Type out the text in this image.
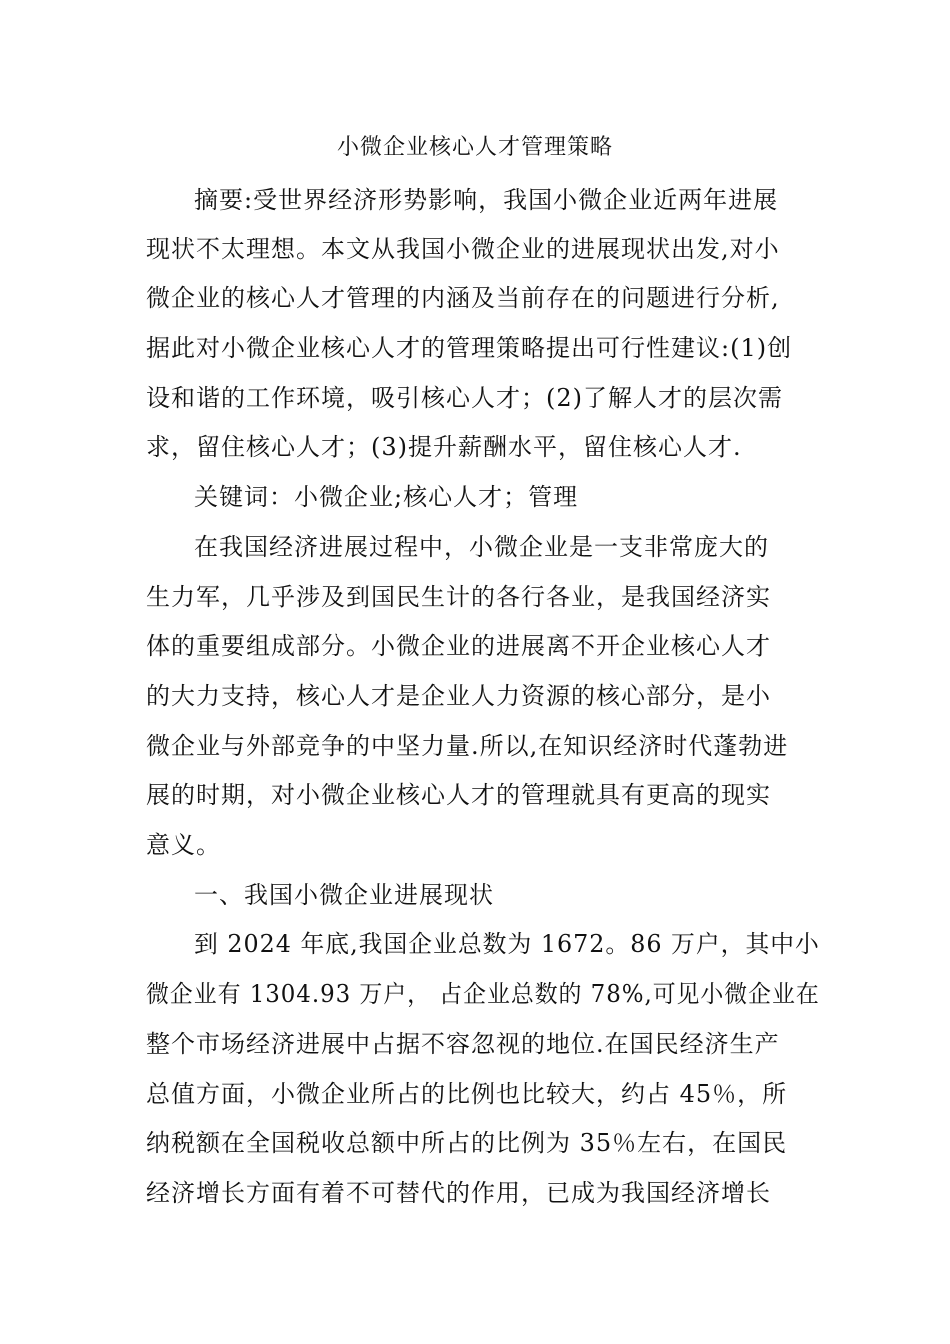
小微企业核心人才管理策略
摘要:受世界经济形势影响，我国小微企业近两年进展
现状不太理想。本文从我国小微企业的进展现状出发,对小
微企业的核心人才管理的内涵及当前存在的问题进行分析,
据此对小微企业核心人才的管理策略提出可行性建议:(1)创
设和谐的工作环境，吸引核心人才；(2)了解人才的层次需
求，留住核心人才；(3)提升薪酬水平，留住核心人才.
关键词：小微企业;核心人才；管理
在我国经济进展过程中，小微企业是一支非常庞大的
生力军，几乎涉及到国民生计的各行各业，是我国经济实
体的重要组成部分。小微企业的进展离不开企业核心人才
的大力支持，核心人才是企业人力资源的核心部分，是小
微企业与外部竞争的中坚力量.所以,在知识经济时代蓬勃进
展的时期，对小微企业核心人才的管理就具有更高的现实
意义。
一、我国小微企业进展现状
到 2024 年底,我国企业总数为 1672。86 万户，其中小
微企业有 1304.93 万户， 占企业总数的 78%,可见小微企业在
整个市场经济进展中占据不容忽视的地位.在国民经济生产
总值方面，小微企业所占的比例也比较大，约占 45％，所
纳税额在全国税收总额中所占的比例为 35％左右，在国民
经济增长方面有着不可替代的作用，已成为我国经济增长
